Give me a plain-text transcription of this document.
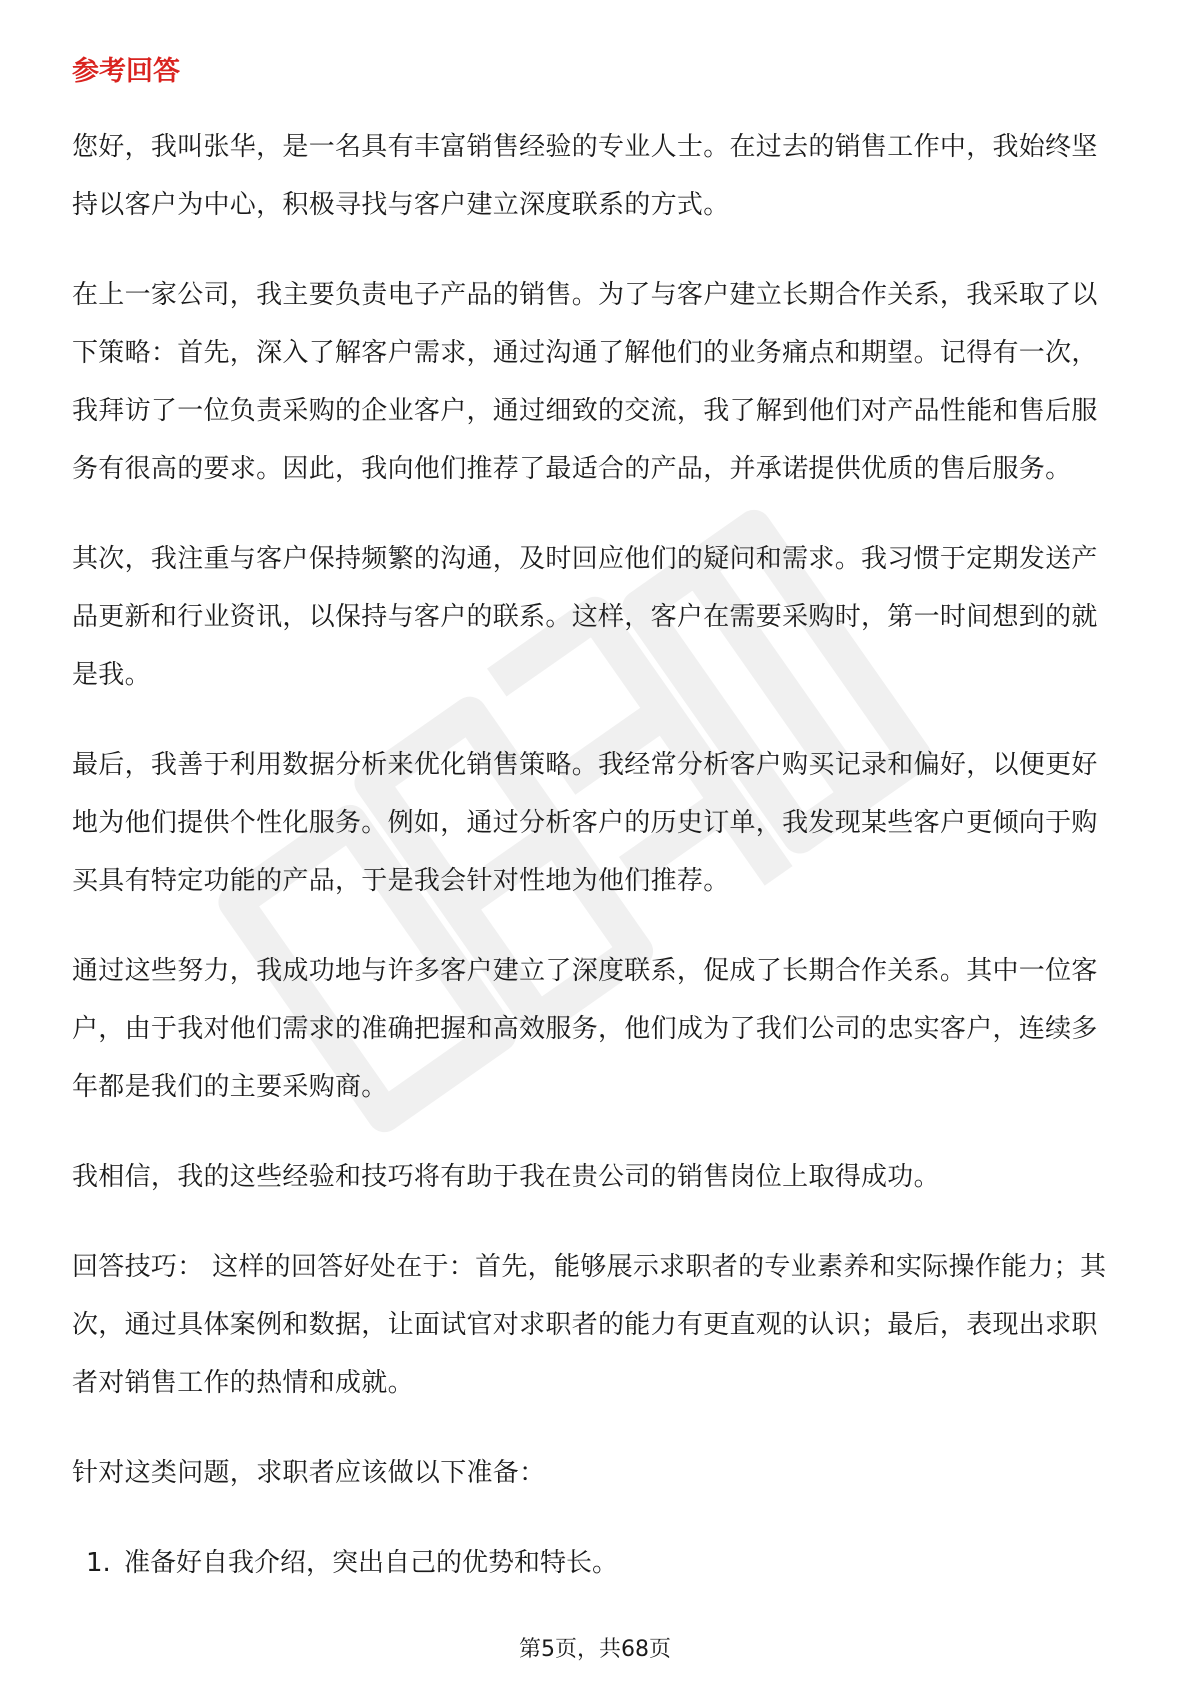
参考回答

您好，我叫张华，是一名具有丰富销售经验的专业人士。在过去的销售工作中，我始终坚持以客户为中心，积极寻找与客户建立深度联系的方式。

在上一家公司，我主要负责电子产品的销售。为了与客户建立长期合作关系，我采取了以下策略：首先，深入了解客户需求，通过沟通了解他们的业务痛点和期望。记得有一次，我拜访了一位负责采购的企业客户，通过细致的交流，我了解到他们对产品性能和售后服务有很高的要求。因此，我向他们推荐了最适合的产品，并承诺提供优质的售后服务。

其次，我注重与客户保持频繁的沟通，及时回应他们的疑问和需求。我习惯于定期发送产品更新和行业资讯，以保持与客户的联系。这样，客户在需要采购时，第一时间想到的就是我。

最后，我善于利用数据分析来优化销售策略。我经常分析客户购买记录和偏好，以便更好地为他们提供个性化服务。例如，通过分析客户的历史订单，我发现某些客户更倾向于购买具有特定功能的产品，于是我会针对性地为他们推荐。

通过这些努力，我成功地与许多客户建立了深度联系，促成了长期合作关系。其中一位客户，由于我对他们需求的准确把握和高效服务，他们成为了我们公司的忠实客户，连续多年都是我们的主要采购商。

我相信，我的这些经验和技巧将有助于我在贵公司的销售岗位上取得成功。

回答技巧： 这样的回答好处在于：首先，能够展示求职者的专业素养和实际操作能力；其次，通过具体案例和数据，让面试官对求职者的能力有更直观的认识；最后，表现出求职者对销售工作的热情和成就。

针对这类问题，求职者应该做以下准备：

1. 准备好自我介绍，突出自己的优势和特长。
第5页，共68页
